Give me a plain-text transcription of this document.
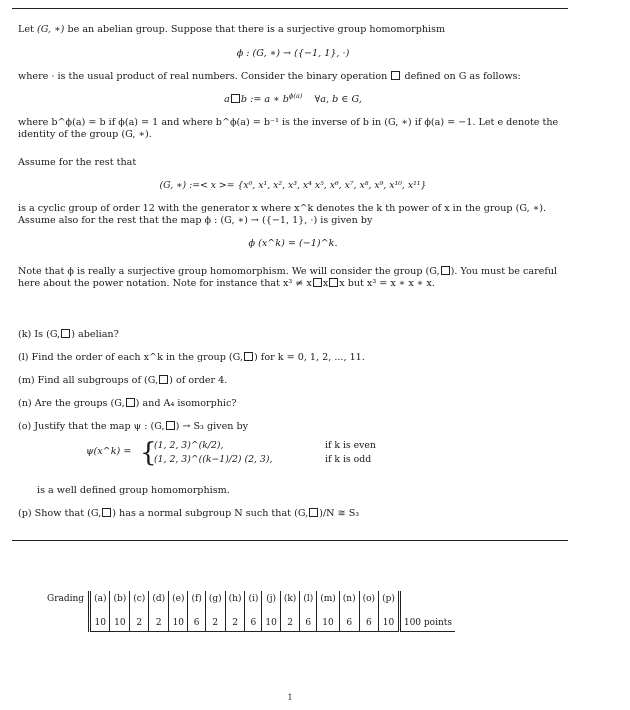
Let (G, ∗) be an abelian group. Suppose that there is a surjective group homomorphism
ϕ : (G, ∗) → ({−1, 1}, ·)
where · is the usual product of real numbers. Consider the binary operation defined on G as follows:
a b := a ∗ $b^{\phi(a)}$ ∀a, b ∈ G,
where b^ϕ(a) = b if ϕ(a) = 1 and where b^ϕ(a) = b⁻¹ is the inverse of b in (G, ∗) if ϕ(a) = −1. Let e denote the identity of the group (G, ∗).
Assume for the rest that
(G, ∗) :=< x >= {x⁰, x¹, x², x³, x⁴ x⁵, x⁶, x⁷, x⁸, x⁹, x¹⁰, x¹¹}
is a cyclic group of order 12 with the generator x where x^k denotes the k th power of x in the group (G, ∗). Assume also for the rest that the map ϕ : (G, ∗) → ({−1, 1}, ·) is given by
ϕ (x^k) = (−1)^k.
Note that ϕ is really a surjective group homomorphism. We will consider the group (G, ). You must be careful here about the power notation. Note for instance that x³ ≠ x x x but x³ = x ∗ x ∗ x.
(k) Is (G, ) abelian?
(l) Find the order of each x^k in the group (G, ) for k = 0, 1, 2, ..., 11.
(m) Find all subgroups of (G, ) of order 4.
(n) Are the groups (G, ) and A₄ isomorphic?
(o) Justify that the map ψ : (G, ) → S₃ given by
ψ(x^k) = {
(1, 2, 3)^(k/2),	if k is even
(1, 2, 3)^((k−1)/2) (2, 3),	if k is odd
is a well defined group homomorphism.
(p) Show that (G, ) has a normal subgroup N such that (G, )/N ≅ S₃
Grading	(a)	(b)	(c)	(d)	(e)	(f)	(g)	(h)	(i)	(j)	(k)	(l)	(m)	(n)	(o)	(p)	

	10	10	2	2	10	6	2	2	6	10	2	6	10	6	6	10	100 points
1
